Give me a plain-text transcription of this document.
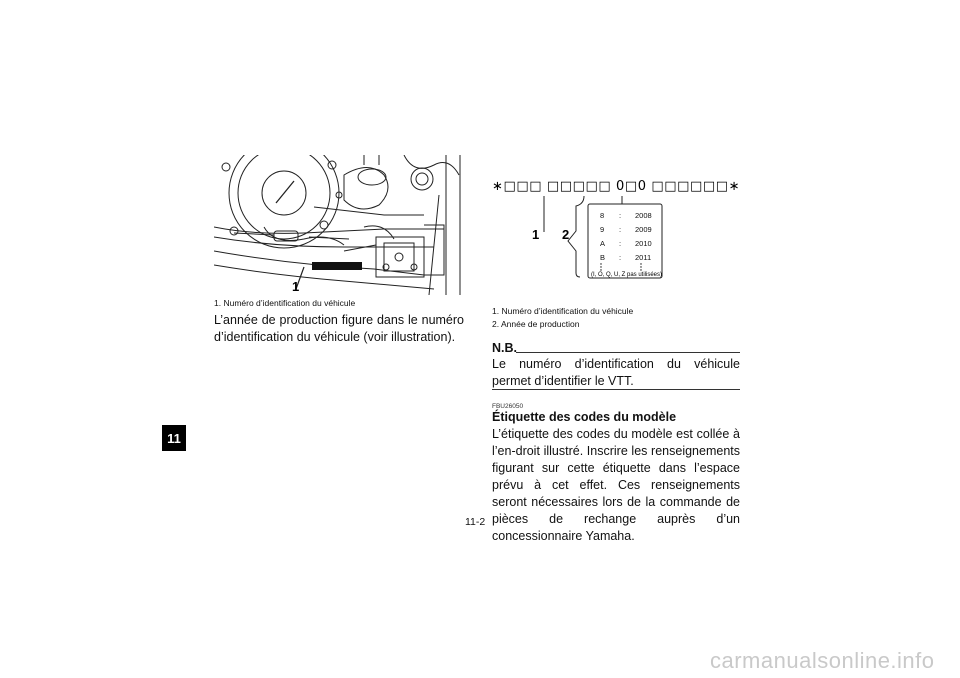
11
1
1. Numéro d’identification du véhicule
L’année de production figure dans le numéro d’identification du véhicule (voir illustration).
∗□□□ □□□□□ 0□0 □□□□□□∗
1 2
8 : 2008
9 : 2009
A : 2010
B : 2011
(I, O, Q, U, Z pas utilisées)
1. Numéro d’identification du véhicule
2. Année de production
N.B.
Le numéro d’identification du véhicule permet d’identifier le VTT.
FBU26050
Étiquette des codes du modèle
L’étiquette des codes du modèle est collée à l’en-droit illustré. Inscrire les renseignements figurant sur cette étiquette dans l’espace prévu à cet effet. Ces renseignements seront nécessaires lors de la commande de pièces de rechange auprès d’un concessionnaire Yamaha.
11-2
carmanualsonline.info
